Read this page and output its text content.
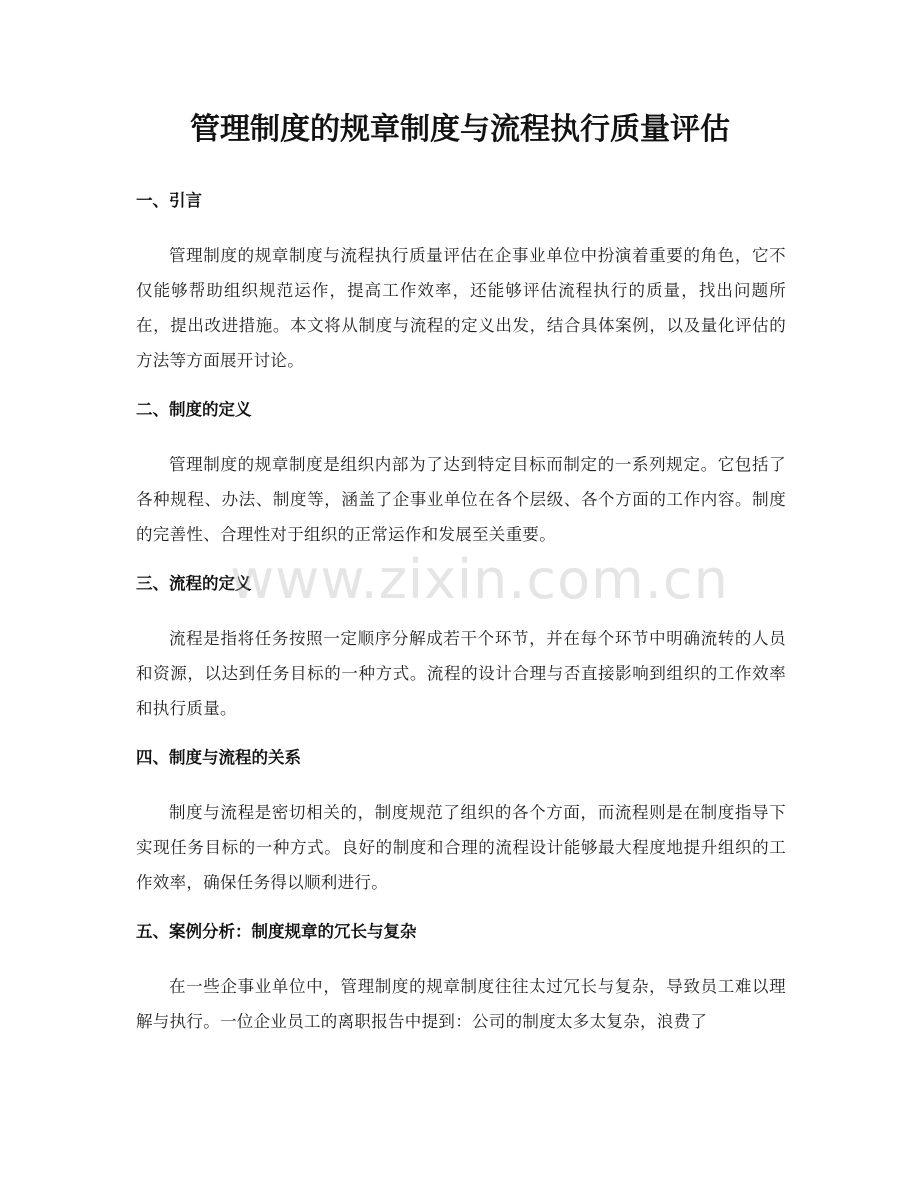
管理制度的规章制度与流程执行质量评估
一、引言

管理制度的规章制度与流程执行质量评估在企事业单位中扮演着重要的角色，它不仅能够帮助组织规范运作，提高工作效率，还能够评估流程执行的质量，找出问题所在，提出改进措施。本文将从制度与流程的定义出发，结合具体案例，以及量化评估的方法等方面展开讨论。

二、制度的定义

管理制度的规章制度是组织内部为了达到特定目标而制定的一系列规定。它包括了各种规程、办法、制度等，涵盖了企事业单位在各个层级、各个方面的工作内容。制度的完善性、合理性对于组织的正常运作和发展至关重要。

三、流程的定义

流程是指将任务按照一定顺序分解成若干个环节，并在每个环节中明确流转的人员和资源，以达到任务目标的一种方式。流程的设计合理与否直接影响到组织的工作效率和执行质量。

四、制度与流程的关系

制度与流程是密切相关的，制度规范了组织的各个方面，而流程则是在制度指导下实现任务目标的一种方式。良好的制度和合理的流程设计能够最大程度地提升组织的工作效率，确保任务得以顺利进行。

五、案例分析：制度规章的冗长与复杂

在一些企事业单位中，管理制度的规章制度往往太过冗长与复杂，导致员工难以理解与执行。一位企业员工的离职报告中提到：公司的制度太多太复杂，浪费了

www.zixin.com.cn
